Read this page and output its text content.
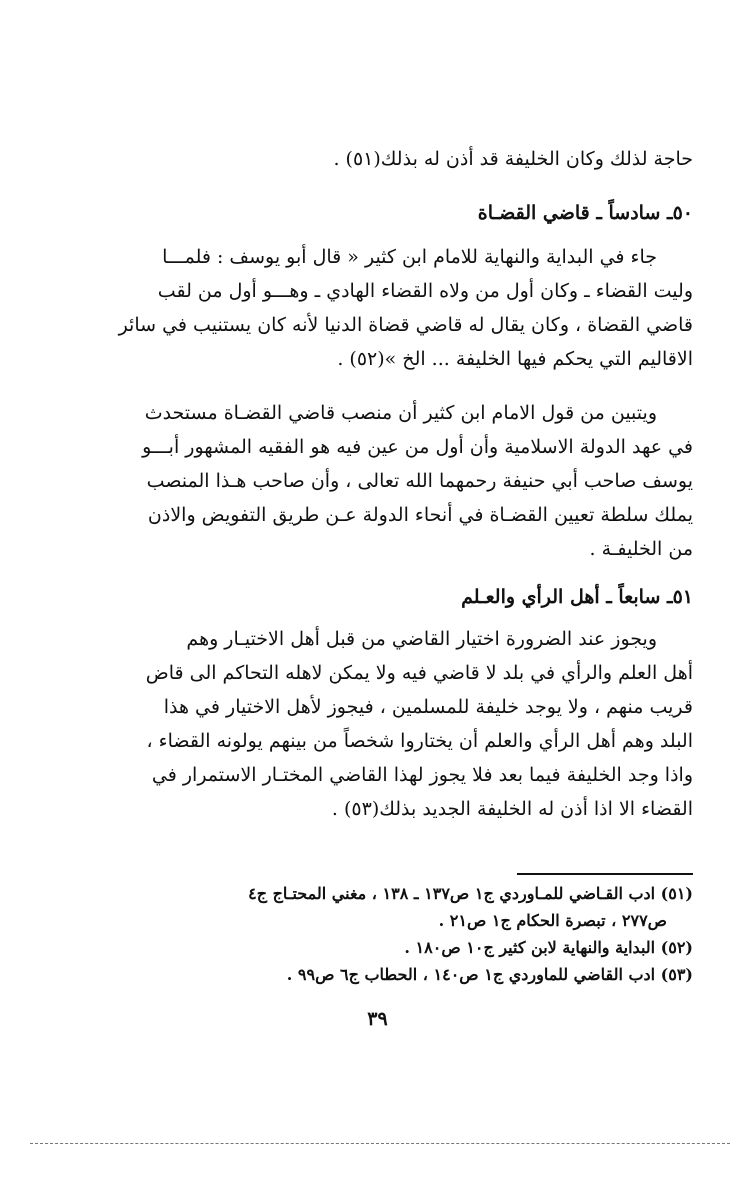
حاجة لذلك وكان الخليفة قد أذن له بذلك(٥١) .
٥٠ـ سادساً ـ قاضي القضـاة
جاء في البداية والنهاية للامام ابن كثير « قال أبو يوسف : فلمـــا
وليت القضاء ـ وكان أول من ولاه القضاء الهادي ـ وهـــو أول من لقب
قاضي القضاة ، وكان يقال له قاضي قضاة الدنيا لأنه كان يستنيب في سائر
الاقاليم التي يحكم فيها الخليفة ... الخ »(٥٢) .
ويتبين من قول الامام ابن كثير أن منصب قاضي القضـاة مستحدث
في عهد الدولة الاسلامية وأن أول من عين فيه هو الفقيه المشهور أبـــو
يوسف صاحب أبي حنيفة رحمهما الله تعالى ، وأن صاحب هـذا المنصب
يملك سلطة تعيين القضـاة في أنحاء الدولة عـن طريق التفويض والاذن
من الخليفـة .
٥١ـ سابعاً ـ أهل الرأي والعـلم
ويجوز عند الضرورة اختيار القاضي من قبل أهل الاختيـار وهم
أهل العلم والرأي في بلد لا قاضي فيه ولا يمكن لاهله التحاكم الى قاض
قريب منهم ، ولا يوجد خليفة للمسلمين ، فيجوز لأهل الاختيار في هذا
البلد وهم أهل الرأي والعلم أن يختاروا شخصاً من بينهم يولونه القضاء ،
واذا وجد الخليفة فيما بعد فلا يجوز لهذا القاضي المختـار الاستمرار في
القضاء الا اذا أذن له الخليفة الجديد بذلك(٥٣) .
(٥١) ادب القـاضي للمـاوردي ج١ ص١٣٧ ـ ١٣٨ ، مغني المحتـاج ج٤
ص٢٧٧ ، تبصرة الحكام ج١ ص٢١ .
(٥٢) البداية والنهاية لابن كثير ج١٠ ص١٨٠ .
(٥٣) ادب القاضي للماوردي ج١ ص١٤٠ ، الحطاب ج٦ ص٩٩ .
٣٩
